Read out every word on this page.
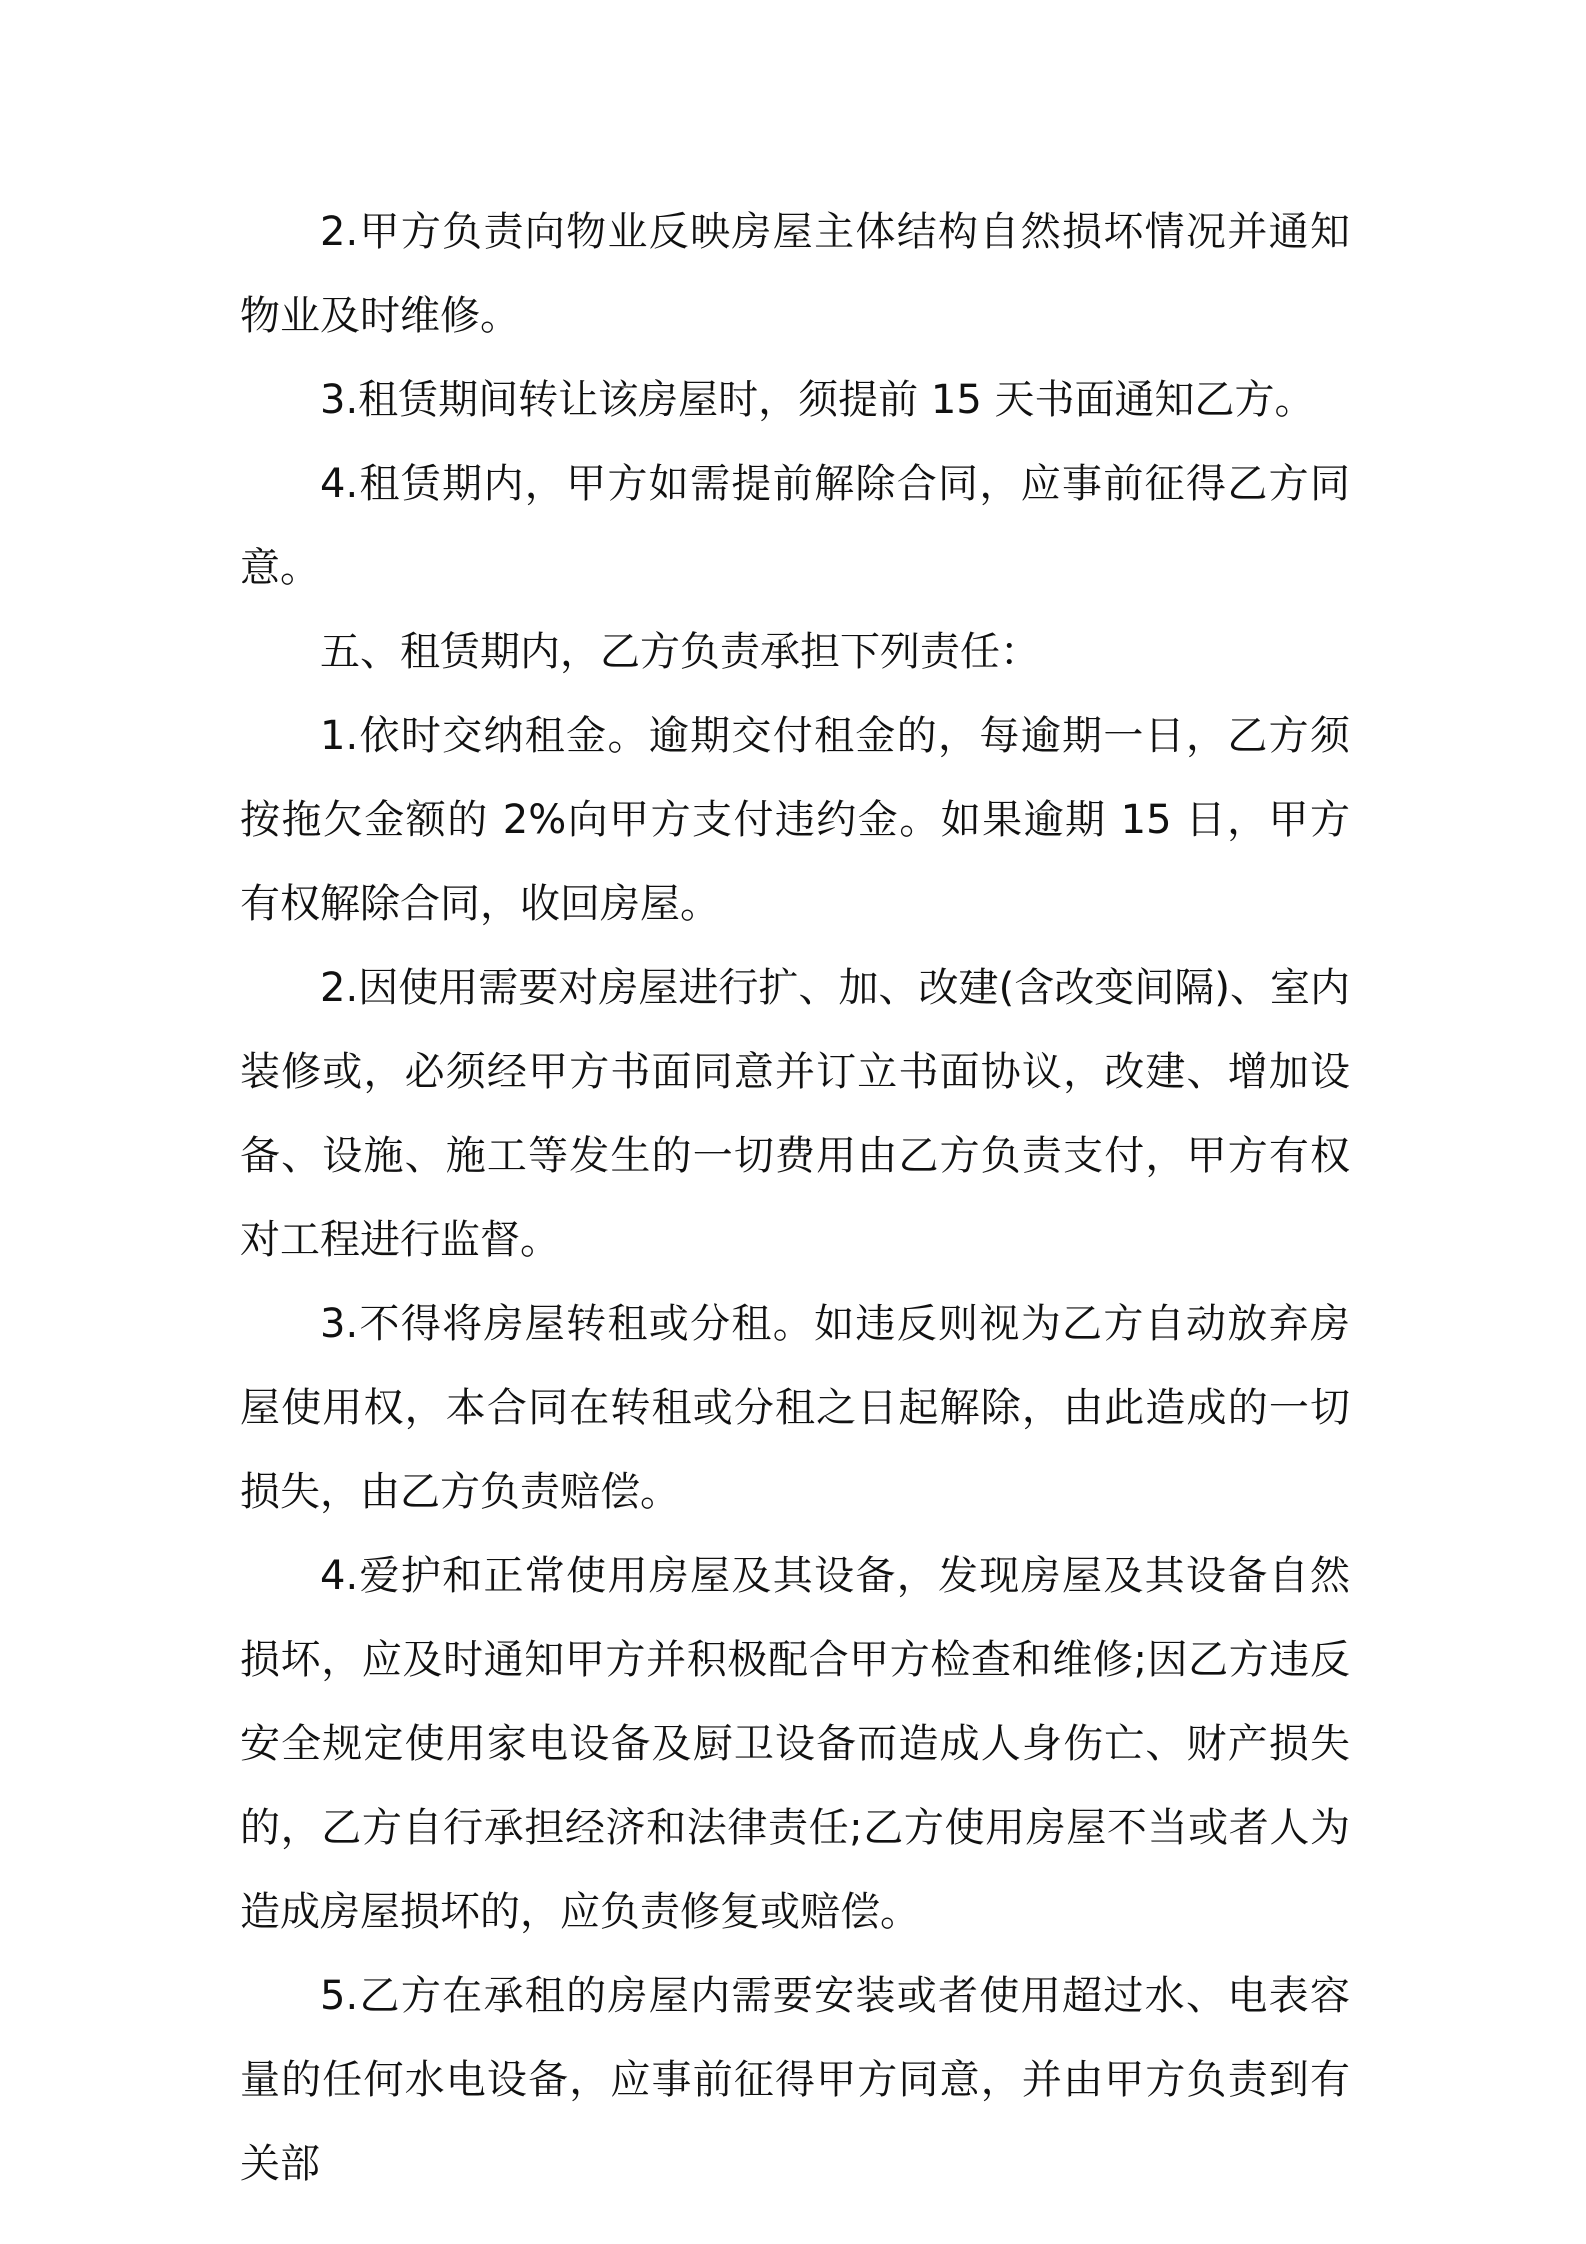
2.甲方负责向物业反映房屋主体结构自然损坏情况并通知物业及时维修。

3.租赁期间转让该房屋时，须提前 15 天书面通知乙方。

4.租赁期内，甲方如需提前解除合同，应事前征得乙方同意。

五、租赁期内，乙方负责承担下列责任：

1.依时交纳租金。逾期交付租金的，每逾期一日，乙方须按拖欠金额的 2%向甲方支付违约金。如果逾期 15 日，甲方有权解除合同，收回房屋。

2.因使用需要对房屋进行扩、加、改建(含改变间隔)、室内装修或，必须经甲方书面同意并订立书面协议，改建、增加设备、设施、施工等发生的一切费用由乙方负责支付，甲方有权对工程进行监督。

3.不得将房屋转租或分租。如违反则视为乙方自动放弃房屋使用权，本合同在转租或分租之日起解除，由此造成的一切损失，由乙方负责赔偿。

4.爱护和正常使用房屋及其设备，发现房屋及其设备自然损坏，应及时通知甲方并积极配合甲方检查和维修;因乙方违反安全规定使用家电设备及厨卫设备而造成人身伤亡、财产损失的，乙方自行承担经济和法律责任;乙方使用房屋不当或者人为造成房屋损坏的，应负责修复或赔偿。

5.乙方在承租的房屋内需要安装或者使用超过水、电表容量的任何水电设备，应事前征得甲方同意，并由甲方负责到有关部
